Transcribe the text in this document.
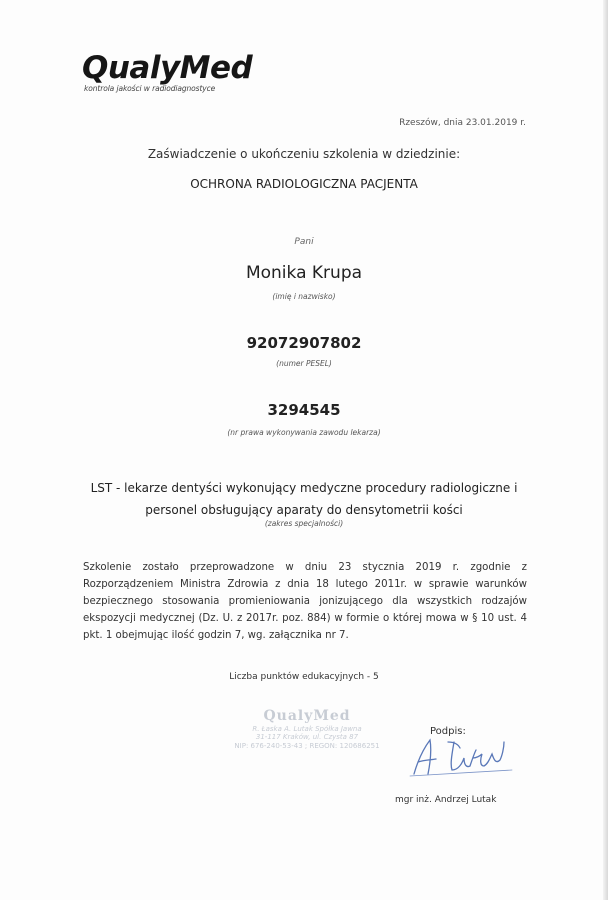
QualyMed
kontrola jakości w radiodiagnostyce
Rzeszów, dnia 23.01.2019 r.
Zaświadczenie o ukończeniu szkolenia w dziedzinie:
OCHRONA RADIOLOGICZNA PACJENTA
Pani
Monika Krupa
(imię i nazwisko)
92072907802
(numer PESEL)
3294545
(nr prawa wykonywania zawodu lekarza)
LST - lekarze dentyści wykonujący medyczne procedury radiologiczne i
personel obsługujący aparaty do densytometrii kości
(zakres specjalności)
Szkolenie zostało przeprowadzone w dniu 23 stycznia 2019 r. zgodnie z Rozporządzeniem Ministra Zdrowia z dnia 18 lutego 2011r. w sprawie warunków bezpiecznego stosowania promieniowania jonizującego dla wszystkich rodzajów ekspozycji medycznej (Dz. U. z 2017r. poz. 884) w formie o której mowa w § 10 ust. 4 pkt. 1 obejmując ilość godzin 7, wg. załącznika nr 7.
Liczba punktów edukacyjnych - 5
QualyMed
R. Łaska A. Lutak Spółka Jawna
31-117 Kraków, ul. Czysta 87
NIP: 676-240-53-43 ; REGON: 120686251
Podpis:
mgr inż. Andrzej Lutak
